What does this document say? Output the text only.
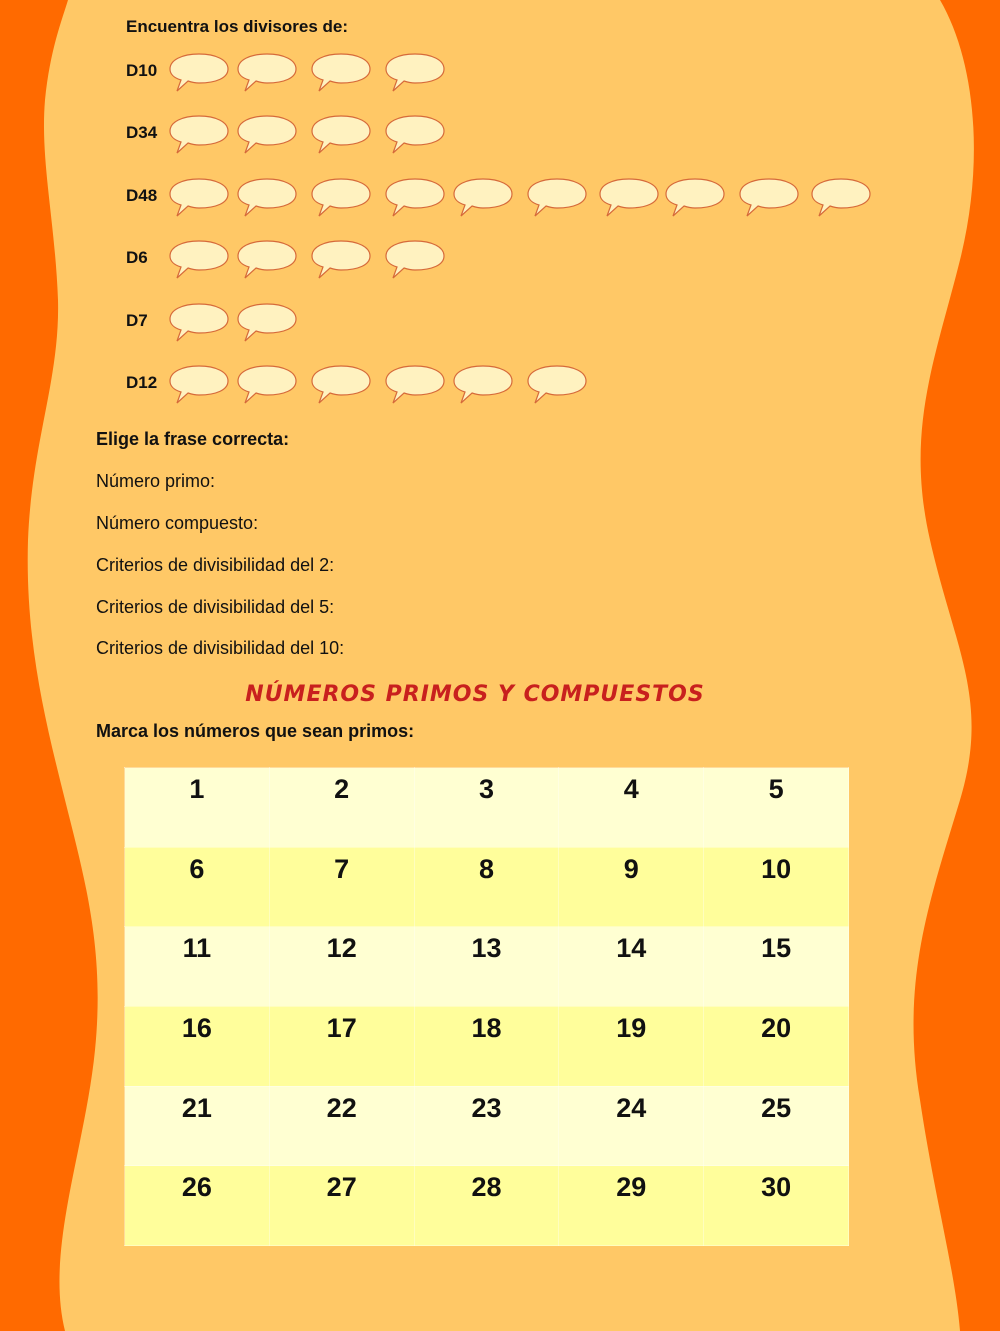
Encuentra los divisores de:
D10
D34
D48
D6
D7
D12
Elige la frase correcta:
Número primo:
Número compuesto:
Criterios de divisibilidad del 2:
Criterios de divisibilidad del 5:
Criterios de divisibilidad del 10:
NÚMEROS PRIMOS Y COMPUESTOS
Marca los números que sean primos:
1	2	3	4	5
6	7	8	9	10
11	12	13	14	15
16	17	18	19	20
21	22	23	24	25
26	27	28	29	30
